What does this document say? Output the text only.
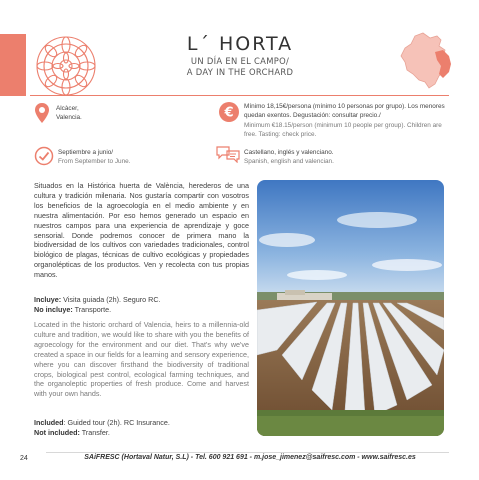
L´ HORTA
UN DÍA EN EL CAMPO/
A DAY IN THE ORCHARD
Alcàcer,
Valencia.	€ Mínimo 18,15€/persona (mínimo 10 personas por grupo). Los menores quedan exentos. Degustación: consultar precio./
Minimum €18.15/person (minimum 10 people per group). Children are free. Tasting: check price.
Septiembre a junio/
From September to June.
Castellano, inglés y valenciano.
Spanish, english and valencian.
Situados en la Histórica huerta de València, herederos de una cultura y tradición milenaria. Nos gustaría compartir con vosotros los beneficios de la agroecología en el medio ambiente y en nuestra alimentación. Por eso hemos generado un espacio en nuestros campos para una experiencia de aprendizaje y goce sensorial. Donde podremos conocer de primera mano la biodiversidad de los cultivos con variedades tradicionales, control biológico de plagas, técnicas de cultivo ecológicas y propiedades organolépticas de los productos. Ven y recolecta con tus propias manos.
Incluye: Visita guiada (2h). Seguro RC.
No incluye: Transporte.
Located in the historic orchard of Valencia, heirs to a millennia-old culture and tradition, we would like to share with you the benefits of agroecology for the environment and our diet. That's why we've created a space in our fields for a learning and sensory experience, where you can discover firsthand the biodiversity of traditional crops, biological pest control, ecological farming techniques, and the organoleptic properties of fresh produce. Come and harvest with your own hands.
Included: Guided tour (2h). RC Insurance.
Not included: Transfer.
24	SAiFRESC (Hortaval Natur, S.L) - Tel. 600 921 691 - m.jose_jimenez@saifresc.com - www.saifresc.es
